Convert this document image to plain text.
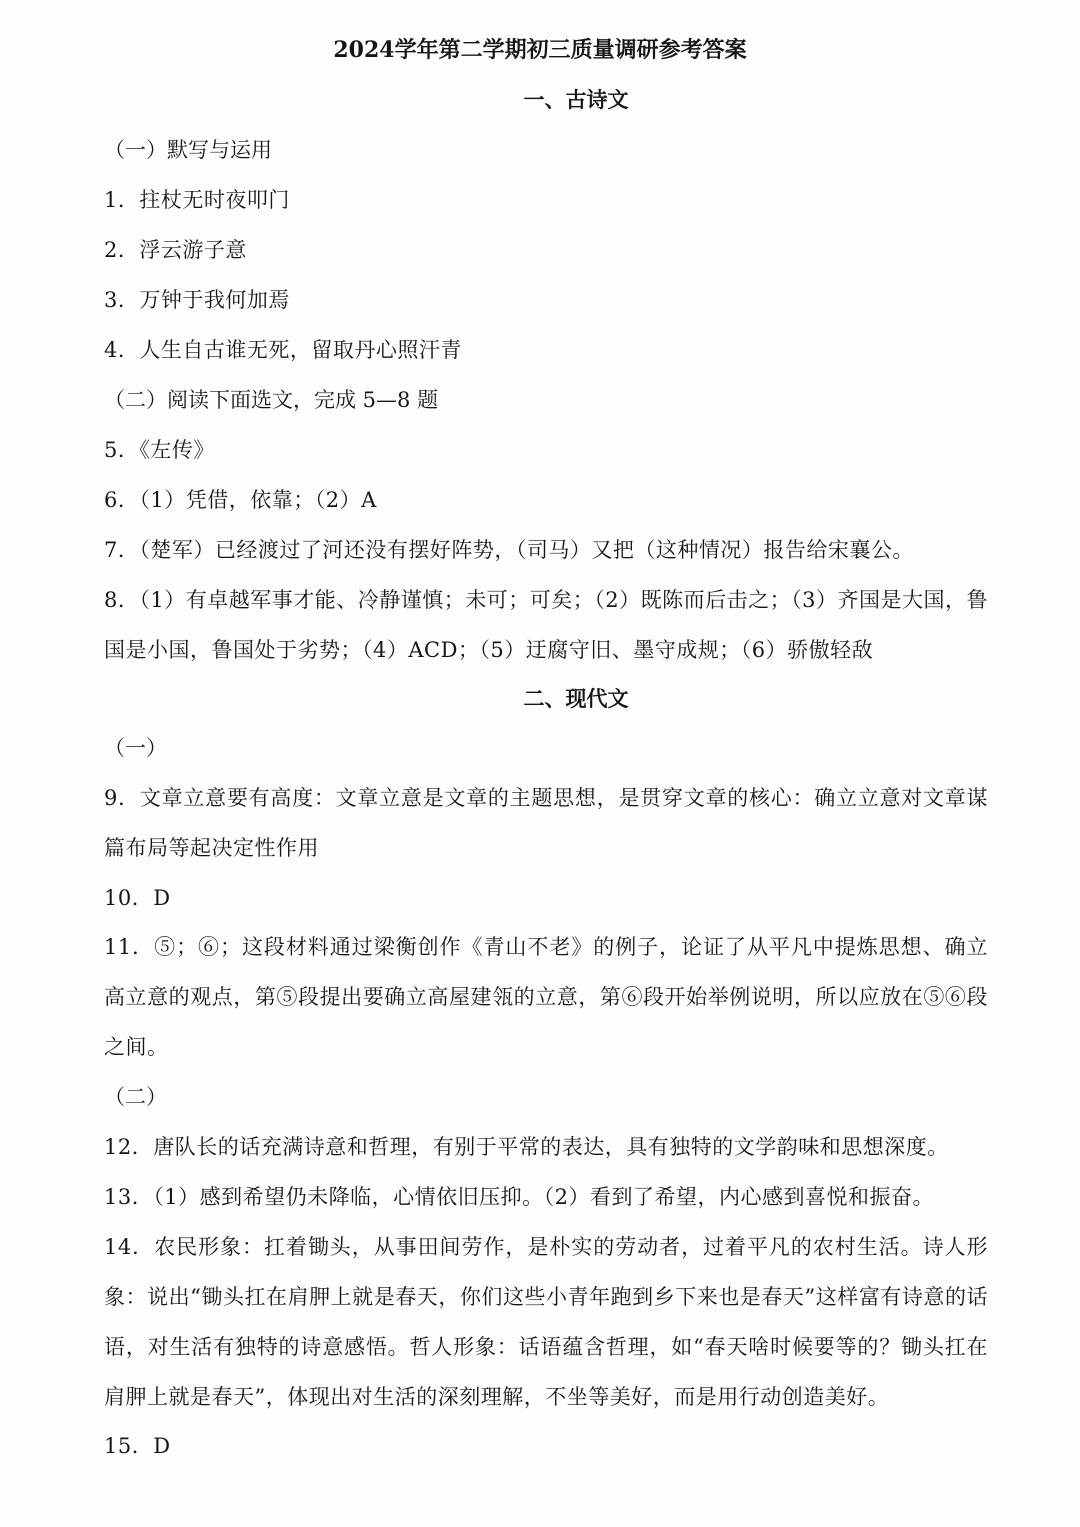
2024学年第二学期初三质量调研参考答案
一、古诗文
（一）默写与运用
1．拄杖无时夜叩门
2．浮云游子意
3．万钟于我何加焉
4．人生自古谁无死，留取丹心照汗青
（二）阅读下面选文，完成 5—8 题
5．《左传》
6．（1）凭借，依靠；（2）A
7．（楚军）已经渡过了河还没有摆好阵势，（司马）又把（这种情况）报告给宋襄公。
8．（1）有卓越军事才能、冷静谨慎；未可；可矣；（2）既陈而后击之；（3）齐国是大国，鲁国是小国，鲁国处于劣势；（4）ACD；（5）迂腐守旧、墨守成规；（6）骄傲轻敌
二、现代文
（一）
9．文章立意要有高度：文章立意是文章的主题思想，是贯穿文章的核心：确立立意对文章谋篇布局等起决定性作用
10．D
11．⑤；⑥；这段材料通过梁衡创作《青山不老》的例子，论证了从平凡中提炼思想、确立高立意的观点，第⑤段提出要确立高屋建瓴的立意，第⑥段开始举例说明，所以应放在⑤⑥段之间。
（二）
12．唐队长的话充满诗意和哲理，有别于平常的表达，具有独特的文学韵味和思想深度。
13．（1）感到希望仍未降临，心情依旧压抑。（2）看到了希望，内心感到喜悦和振奋。
14．农民形象：扛着锄头，从事田间劳作，是朴实的劳动者，过着平凡的农村生活。诗人形象：说出“锄头扛在肩胛上就是春天，你们这些小青年跑到乡下来也是春天”这样富有诗意的话语，对生活有独特的诗意感悟。哲人形象：话语蕴含哲理，如“春天啥时候要等的？锄头扛在肩胛上就是春天”，体现出对生活的深刻理解，不坐等美好，而是用行动创造美好。
15．D
